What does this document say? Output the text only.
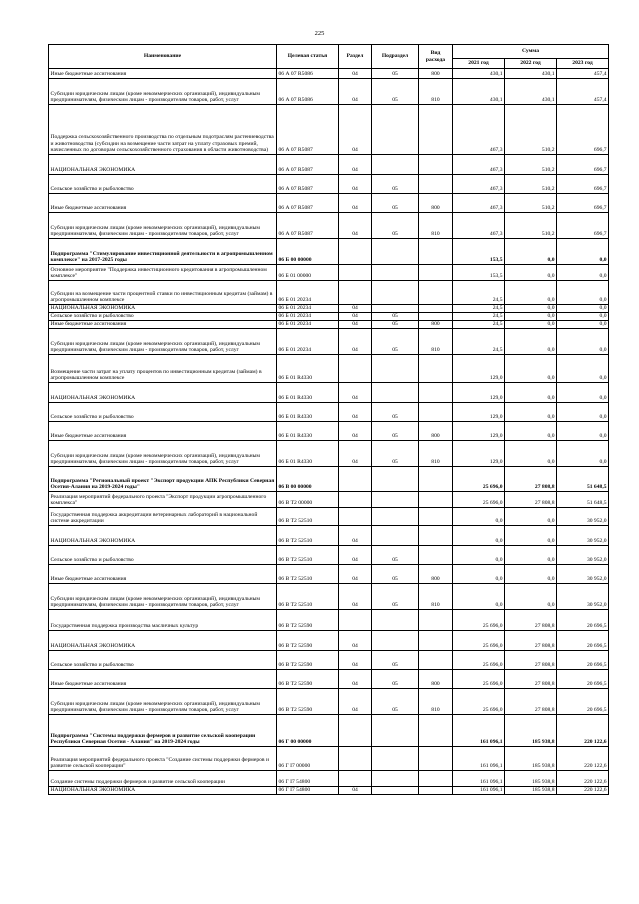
225
Наименование	Целевая статья	Раздел	Подраздел	Вид расхода	Сумма		
					2021 год	2022 год	2023 год
Иные бюджетные ассигнования	06 А 07 R5086	04	05	800	430,1	430,1	457,4
Субсидии юридическим лицам (кроме некоммерческих организаций), индивидуальным предпринимателям, физическим лицам - производителям товаров, работ, услуг	06 А 07 R5086	04	05	810	430,1	430,1	457,4
Поддержка сельскохозяйственного производства по отдельным подотраслям растениеводства и животноводства (субсидии на возмещение части затрат на уплату страховых премий, начисленных по договорам сельскохозяйственного страхования в области животноводства)	06 А 07 R5087	04			467,3	510,2	696,7
НАЦИОНАЛЬНАЯ ЭКОНОМИКА	06 А 07 R5087	04			467,3	510,2	696,7
Сельское хозяйство и рыболовство	06 А 07 R5087	04	05		467,3	510,2	696,7
Иные бюджетные ассигнования	06 А 07 R5087	04	05	800	467,3	510,2	696,7
Субсидии юридическим лицам (кроме некоммерческих организаций), индивидуальным предпринимателям, физическим лицам - производителям товаров, работ, услуг	06 А 07 R5087	04	05	810	467,3	510,2	696,7
Подпрограмма "Стимулирование инвестиционной деятельности в агропромышленном комплексе" на 2017-2025 годы	06 Б 00 00000				153,5	0,0	0,0
Основное мероприятие "Поддержка инвестиционного кредитования в агропромышленном комплексе"	06 Б 01 00000				153,5	0,0	0,0
Субсидии на возмещение части процентной ставки по инвестиционным кредитам (займам) в агропромышленном комплексе	06 Б 01 20234				24,5	0,0	0,0
НАЦИОНАЛЬНАЯ ЭКОНОМИКА	06 Б 01 20234	04			24,5	0,0	0,0
Сельское хозяйство и рыболовство	06 Б 01 20234	04	05		24,5	0,0	0,0
Иные бюджетные ассигнования	06 Б 01 20234	04	05	800	24,5	0,0	0,0
Субсидии юридическим лицам (кроме некоммерческих организаций), индивидуальным предпринимателям, физическим лицам - производителям товаров, работ, услуг	06 Б 01 20234	04	05	810	24,5	0,0	0,0
Возмещение части затрат на уплату процентов по инвестиционным кредитам (займам) в агропромышленном комплексе	06 Б 01 R4330				129,0	0,0	0,0
НАЦИОНАЛЬНАЯ ЭКОНОМИКА	06 Б 01 R4330	04			129,0	0,0	0,0
Сельское хозяйство и рыболовство	06 Б 01 R4330	04	05		129,0	0,0	0,0
Иные бюджетные ассигнования	06 Б 01 R4330	04	05	800	129,0	0,0	0,0
Субсидии юридическим лицам (кроме некоммерческих организаций), индивидуальным предпринимателям, физическим лицам - производителям товаров, работ, услуг	06 Б 01 R4330	04	05	810	129,0	0,0	0,0
Подпрограмма "Региональный проект "Экспорт продукции АПК Республики Северная Осетия-Алания на 2019-2024 годы"	06 В 00 00000				25 696,0	27 808,8	51 648,5
Реализация мероприятий федерального проекта "Экспорт продукции агропромышленного комплекса"	06 В Т2 00000				25 696,0	27 808,8	51 648,5
Государственная поддержка аккредитации ветеринарных лабораторий в национальной системе аккредитации	06 В Т2 52510				0,0	0,0	30 952,0
НАЦИОНАЛЬНАЯ ЭКОНОМИКА	06 В Т2 52510	04			0,0	0,0	30 952,0
Сельское хозяйство и рыболовство	06 В Т2 52510	04	05		0,0	0,0	30 952,0
Иные бюджетные ассигнования	06 В Т2 52510	04	05	800	0,0	0,0	30 952,0
Субсидии юридическим лицам (кроме некоммерческих организаций), индивидуальным предпринимателям, физическим лицам - производителям товаров, работ, услуг	06 В Т2 52510	04	05	810	0,0	0,0	30 952,0
Государственная поддержка производства масличных культур	06 В Т2 52590				25 696,0	27 808,8	20 696,5
НАЦИОНАЛЬНАЯ ЭКОНОМИКА	06 В Т2 52590	04			25 696,0	27 808,8	20 696,5
Сельское хозяйство и рыболовство	06 В Т2 52590	04	05		25 696,0	27 808,8	20 696,5
Иные бюджетные ассигнования	06 В Т2 52590	04	05	800	25 696,0	27 808,8	20 696,5
Субсидии юридическим лицам (кроме некоммерческих организаций), индивидуальным предпринимателям, физическим лицам - производителям товаров, работ, услуг	06 В Т2 52590	04	05	810	25 696,0	27 808,8	20 696,5
Подпрограмма "Системы поддержки фермеров и развитие сельской кооперации Республики Северная Осетия - Алания" на 2019-2024 годы	06 Г 00 00000				161 096,1	185 938,8	220 122,6
Реализация мероприятий федерального проекта "Создание системы поддержки фермеров и развитие сельской кооперации"	06 Г I7 00000				161 096,1	185 938,8	220 122,6
Создание системы поддержки фермеров и развитие сельской кооперации	06 Г I7 54800				161 096,1	185 938,8	220 122,6
НАЦИОНАЛЬНАЯ ЭКОНОМИКА	06 Г I7 54800	04			161 096,1	185 938,8	220 122,6
